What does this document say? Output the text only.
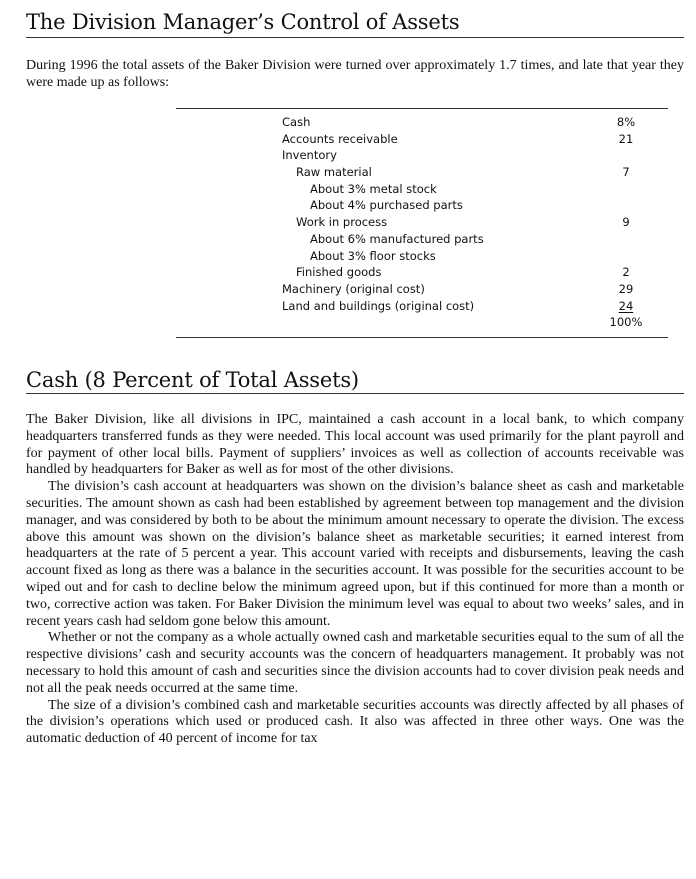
The Division Manager’s Control of Assets

During 1996 the total assets of the Baker Division were turned over approximately 1.7 times, and late that year they were made up as follows:

Cash	8%
Accounts receivable	21
Inventory
Raw material	7
About 3% metal stock
About 4% purchased parts
Work in process	9
About 6% manufactured parts
About 3% floor stocks
Finished goods	2
Machinery (original cost)	29
Land and buildings (original cost)	24
100%
Cash (8 Percent of Total Assets)

The Baker Division, like all divisions in IPC, maintained a cash account in a local bank, to which company headquarters transferred funds as they were needed. This local account was used primarily for the plant payroll and for payment of other local bills. Payment of suppliers’ invoices as well as collection of accounts receivable was handled by headquarters for Baker as well as for most of the other divisions.

The division’s cash account at headquarters was shown on the division’s balance sheet as cash and marketable securities. The amount shown as cash had been established by agreement between top management and the division manager, and was considered by both to be about the minimum amount necessary to operate the division. The excess above this amount was shown on the division’s balance sheet as marketable securities; it earned interest from headquarters at the rate of 5 percent a year. This account varied with receipts and disbursements, leaving the cash account fixed as long as there was a balance in the securities account. It was possible for the securities account to be wiped out and for cash to decline below the minimum agreed upon, but if this continued for more than a month or two, corrective action was taken. For Baker Division the minimum level was equal to about two weeks’ sales, and in recent years cash had seldom gone below this amount.

Whether or not the company as a whole actually owned cash and marketable securities equal to the sum of all the respective divisions’ cash and security accounts was the concern of headquarters management. It probably was not necessary to hold this amount of cash and securities since the division accounts had to cover division peak needs and not all the peak needs occurred at the same time.

The size of a division’s combined cash and marketable securities accounts was directly affected by all phases of the division’s operations which used or produced cash. It also was affected in three other ways. One was the automatic deduction of 40 percent of income for tax
